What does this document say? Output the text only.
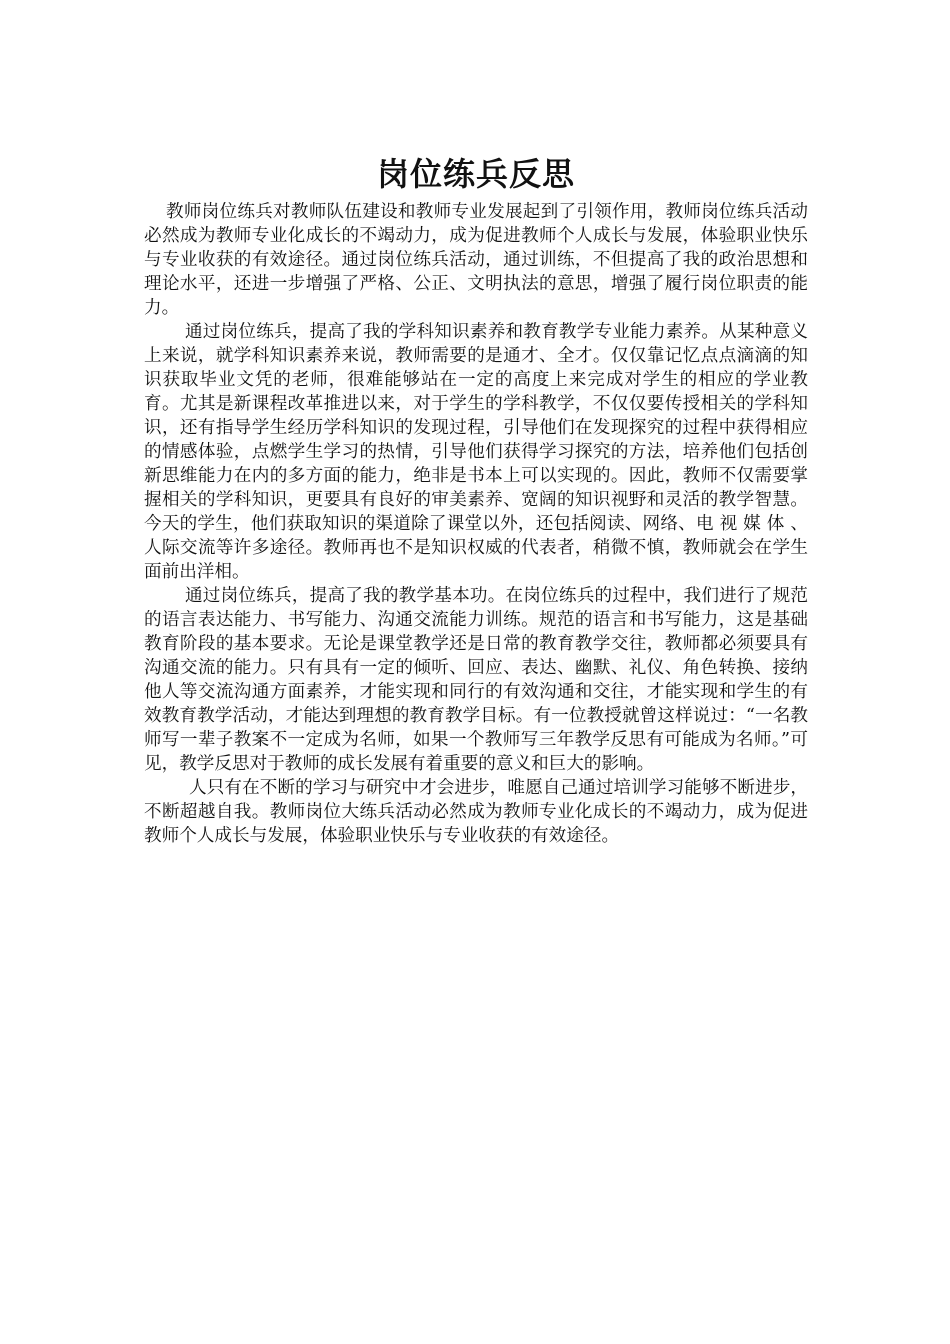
岗位练兵反思

教师岗位练兵对教师队伍建设和教师专业发展起到了引领作用，教师岗位练兵活动必然成为教师专业化成长的不竭动力，成为促进教师个人成长与发展，体验职业快乐与专业收获的有效途径。通过岗位练兵活动，通过训练，不但提高了我的政治思想和理论水平，还进一步增强了严格、公正、文明执法的意思，增强了履行岗位职责的能力。

通过岗位练兵，提高了我的学科知识素养和教育教学专业能力素养。从某种意义上来说，就学科知识素养来说，教师需要的是通才、全才。仅仅靠记忆点点滴滴的知识获取毕业文凭的老师，很难能够站在一定的高度上来完成对学生的相应的学业教育。尤其是新课程改革推进以来，对于学生的学科教学，不仅仅要传授相关的学科知识，还有指导学生经历学科知识的发现过程，引导他们在发现探究的过程中获得相应的情感体验，点燃学生学习的热情，引导他们获得学习探究的方法，培养他们包括创新思维能力在内的多方面的能力，绝非是书本上可以实现的。因此，教师不仅需要掌握相关的学科知识，更要具有良好的审美素养、宽阔的知识视野和灵活的教学智慧。今天的学生，他们获取知识的渠道除了课堂以外，还包括阅读、网络、电 视 媒 体 、人际交流等许多途径。教师再也不是知识权威的代表者，稍微不慎，教师就会在学生面前出洋相。

通过岗位练兵，提高了我的教学基本功。在岗位练兵的过程中，我们进行了规范的语言表达能力、书写能力、沟通交流能力训练。规范的语言和书写能力，这是基础教育阶段的基本要求。无论是课堂教学还是日常的教育教学交往，教师都必须要具有沟通交流的能力。只有具有一定的倾听、回应、表达、幽默、礼仪、角色转换、接纳他人等交流沟通方面素养，才能实现和同行的有效沟通和交往，才能实现和学生的有效教育教学活动，才能达到理想的教育教学目标。有一位教授就曾这样说过：“一名教师写一辈子教案不一定成为名师，如果一个教师写三年教学反思有可能成为名师。”可见，教学反思对于教师的成长发展有着重要的意义和巨大的影响。

人只有在不断的学习与研究中才会进步，唯愿自己通过培训学习能够不断进步，不断超越自我。教师岗位大练兵活动必然成为教师专业化成长的不竭动力，成为促进教师个人成长与发展，体验职业快乐与专业收获的有效途径。
